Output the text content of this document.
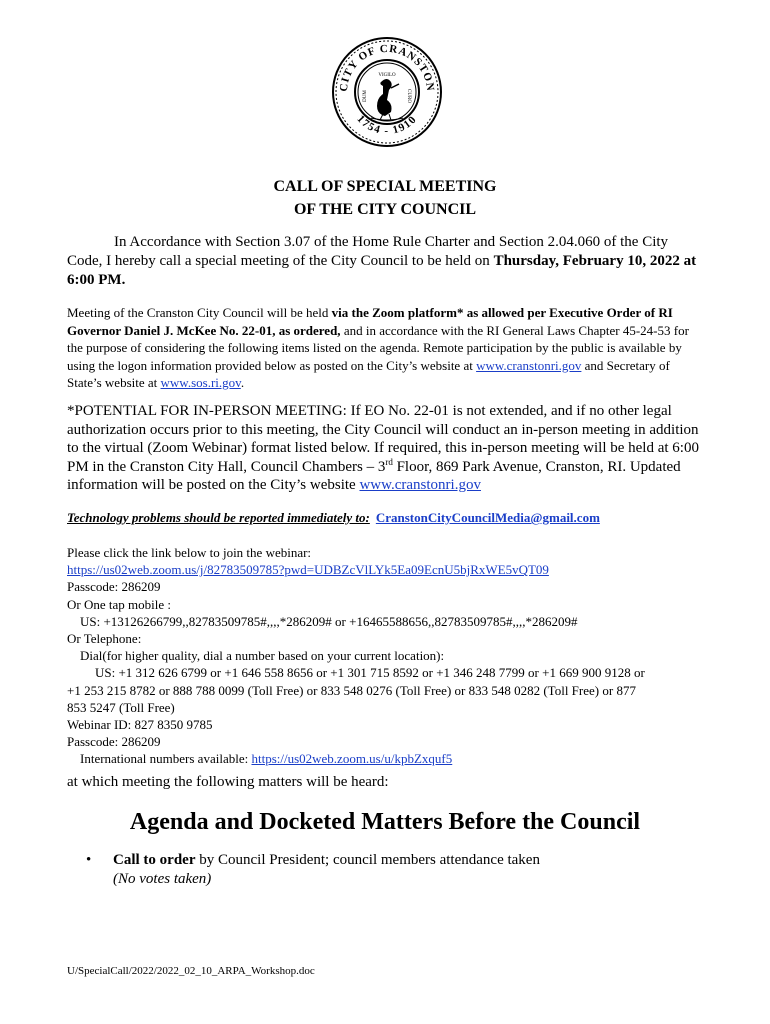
CITY OF CRANSTON
1754 - 1910
VIGILO
DUM	CURO
CALL OF SPECIAL MEETING
OF THE CITY COUNCIL
In Accordance with Section 3.07 of the Home Rule Charter and Section 2.04.060 of the City Code, I hereby call a special meeting of the City Council to be held on Thursday, February 10, 2022 at 6:00 PM.
Meeting of the Cranston City Council will be held via the Zoom platform* as allowed per Executive Order of RI Governor Daniel J. McKee No. 22-01, as ordered, and in accordance with the RI General Laws Chapter 45-24-53 for the purpose of considering the following items listed on the agenda. Remote participation by the public is available by using the logon information provided below as posted on the City’s website at www.cranstonri.gov and Secretary of State’s website at www.sos.ri.gov.
*POTENTIAL FOR IN-PERSON MEETING: If EO No. 22-01 is not extended, and if no other legal authorization occurs prior to this meeting, the City Council will conduct an in-person meeting in addition to the virtual (Zoom Webinar) format listed below. If required, this in-person meeting will be held at 6:00 PM in the Cranston City Hall, Council Chambers – 3rd Floor, 869 Park Avenue, Cranston, RI. Updated information will be posted on the City’s website www.cranstonri.gov
Technology problems should be reported immediately to: CranstonCityCouncilMedia@gmail.com
Please click the link below to join the webinar:
https://us02web.zoom.us/j/82783509785?pwd=UDBZcVlLYk5Ea09EcnU5bjRxWE5vQT09
Passcode: 286209
Or One tap mobile :
US: +13126266799,,82783509785#,,,,*286209# or +16465588656,,82783509785#,,,,*286209#
Or Telephone:
Dial(for higher quality, dial a number based on your current location):
US: +1 312 626 6799 or +1 646 558 8656 or +1 301 715 8592 or +1 346 248 7799 or +1 669 900 9128 or
+1 253 215 8782 or 888 788 0099 (Toll Free) or 833 548 0276 (Toll Free) or 833 548 0282 (Toll Free) or 877
853 5247 (Toll Free)
Webinar ID: 827 8350 9785
Passcode: 286209
International numbers available: https://us02web.zoom.us/u/kpbZxquf5
at which meeting the following matters will be heard:
Agenda and Docketed Matters Before the Council
• Call to order by Council President; council members attendance taken
(No votes taken)
U/SpecialCall/2022/2022_02_10_ARPA_Workshop.doc
